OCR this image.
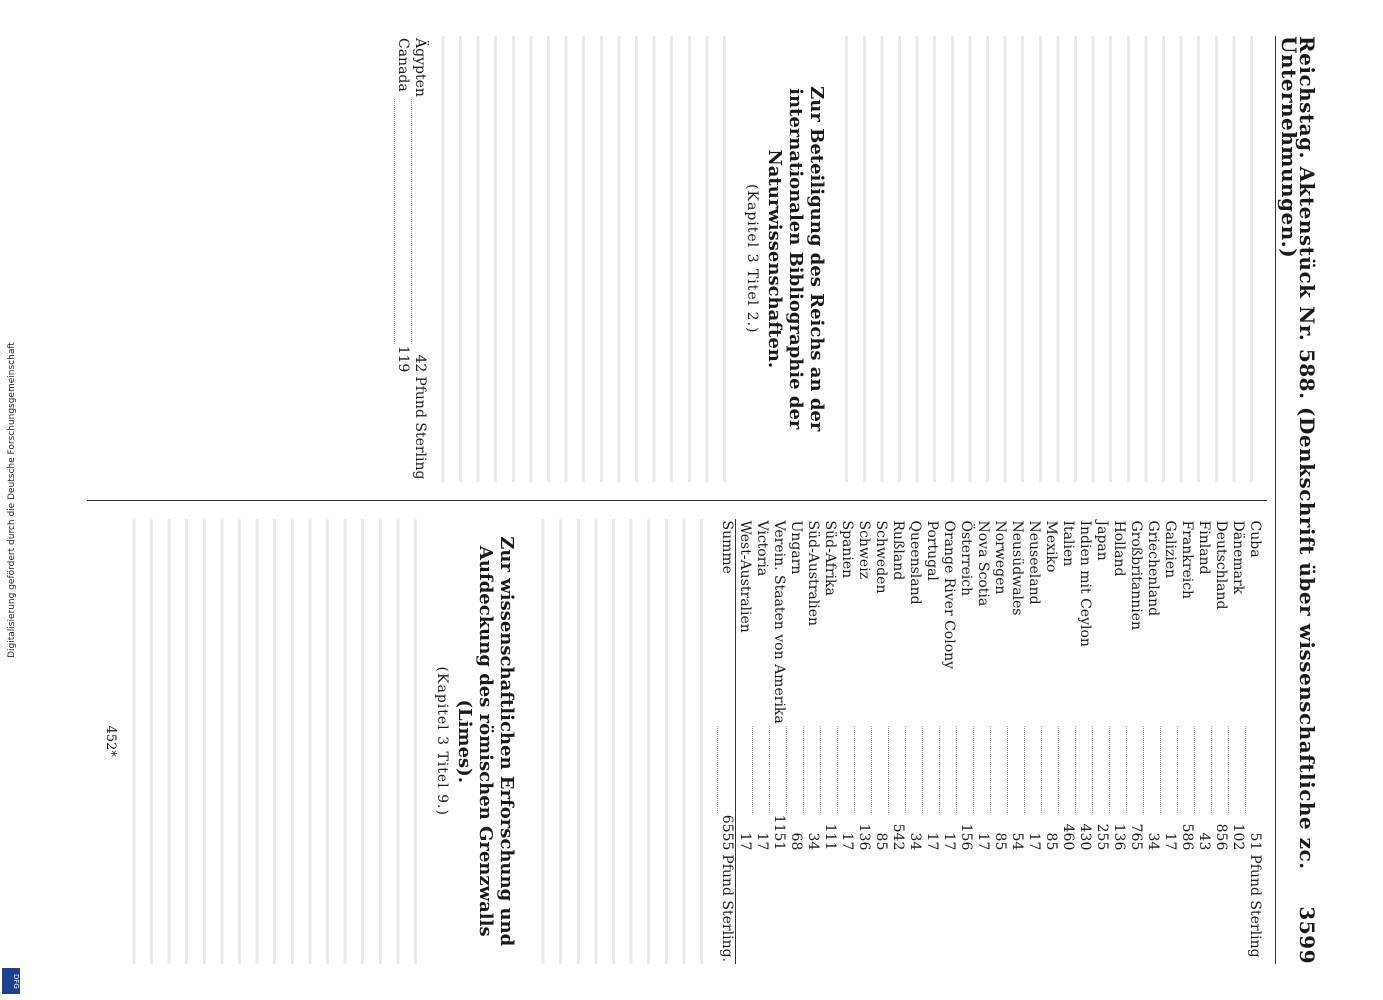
Reichstag. Aktenstück Nr. 588. (Denkschrift über wissenschaftliche zc. Unternehmungen.)
3599
Zur Beteiligung des Reichs an der internationalen Bibliographie der Naturwissenschaften.
(Kapitel 3 Titel 2.)
Ägypten		42	Pfund Sterling
Canada		119	
Cuba		51	Pfund Sterling
Dänemark		102	
Deutschland		856	
Finland		43	
Frankreich		586	
Galizien		17	
Griechenland		34	
Großbritannien		765	
Holland		136	
Japan		255	
Indien mit Ceylon		430	
Italien		460	
Mexiko		85	
Neuseeland		17	
Neusüdwales		54	
Norwegen		85	
Nova Scotia		17	
Österreich		156	
Orange River Colony		17	
Portugal		17	
Queensland		34	
Rußland		542	
Schweden		85	
Schweiz		136	
Spanien		17	
Süd-Afrika		111	
Süd-Australien		34	
Ungarn		68	
Verein. Staaten von Amerika		1151	
Victoria		17	
West-Australien		17	
Summe		6555	Pfund Sterling.
Zur wissenschaftlichen Erforschung und Aufdeckung des römischen Grenzwalls (Limes).
(Kapitel 3 Titel 9.)
452*
Digitalisierung gefördert durch die Deutsche Forschungsgemeinschaft
DFG
